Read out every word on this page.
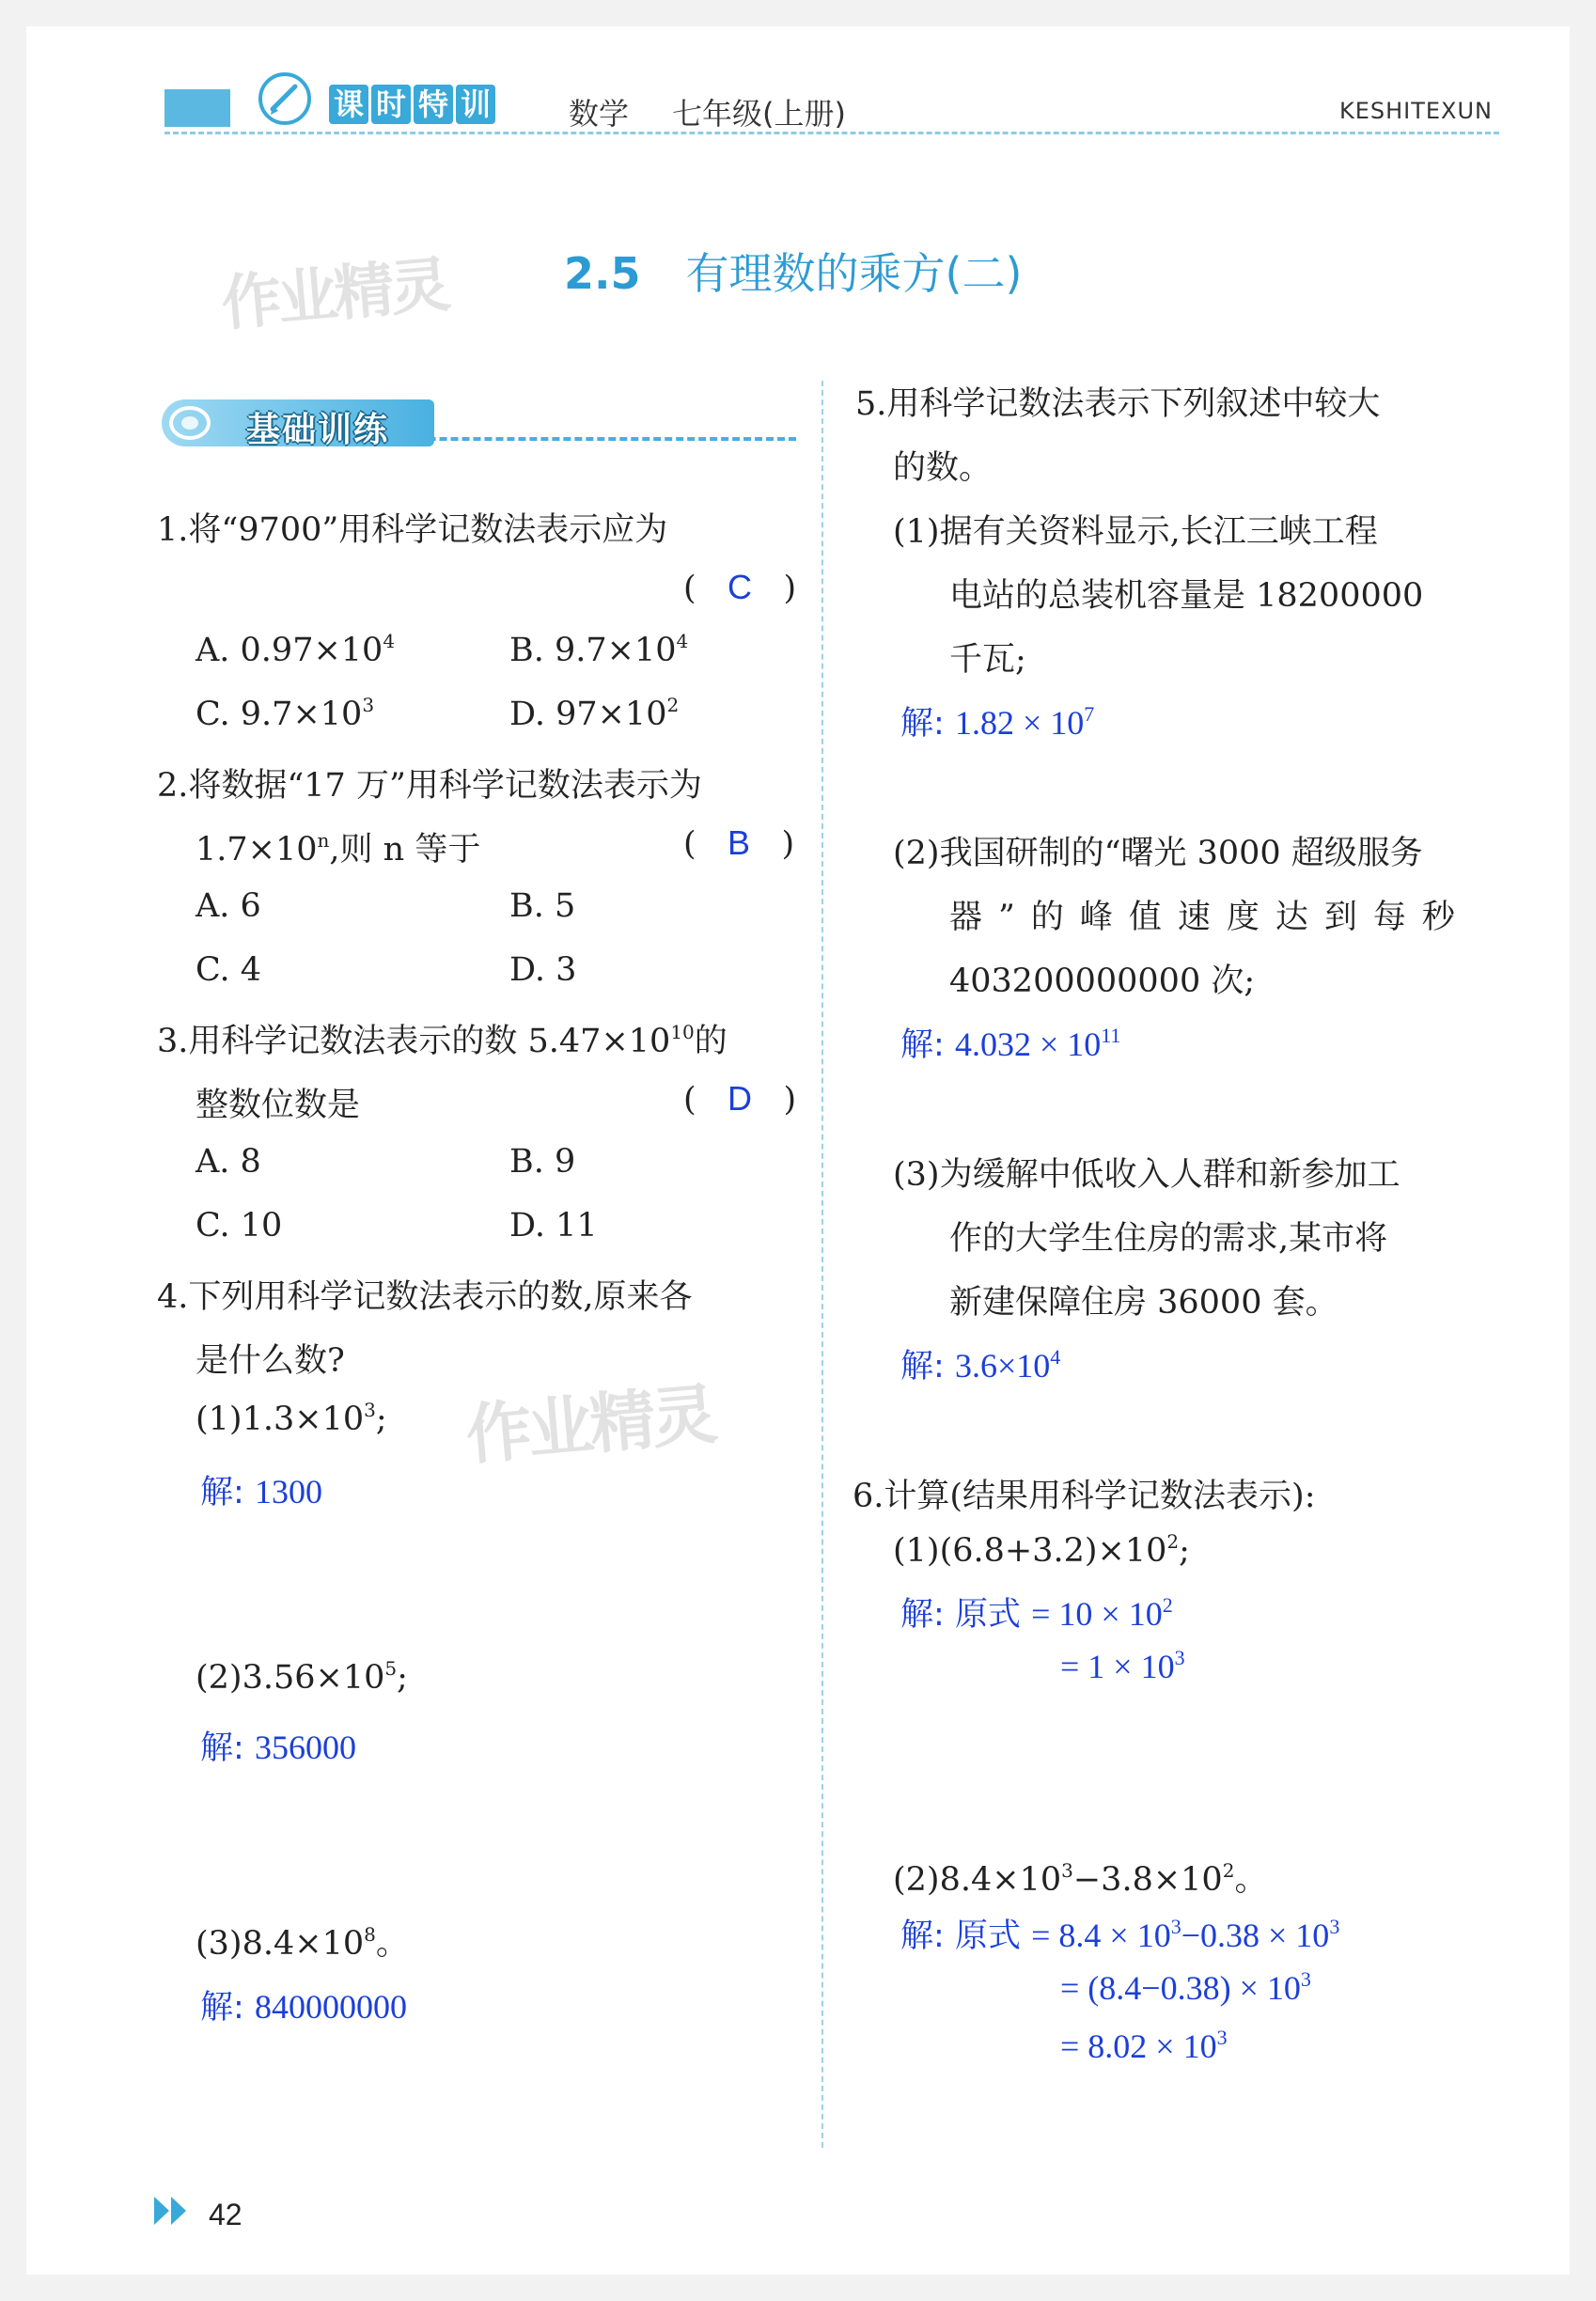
课 时 特 训	数学 七年级(上册)	KESHITEXUN
作业精灵
作业精灵
2.5 有理数的乘方(二)
基础训练
1.将“9700”用科学记数法表示应为
( C )
A. $0.97\times 10^4$	B. $9.7\times 10^4$
C. $9.7\times 10^3$	D. $97\times 10^2$
2.将数据“17 万”用科学记数法表示为
$1.7\times 10^n$,则 n 等于	( B )
A. 6	B. 5
C. 4	D. 3
3.用科学记数法表示的数 $5.47\times 10^{10}$的
整数位数是	( D )
A. 8	B. 9
C. 10	D. 11
4.下列用科学记数法表示的数,原来各
是什么数?
$(1)1.3\times 10^3$;
解: 1300
$(2)3.56\times 10^5$;
解: 356000
$(3)8.4\times 10^8$。
解: 840000000
5.用科学记数法表示下列叙述中较大
的数。
(1)据有关资料显示,长江三峡工程
电站的总装机容量是 18200000
千瓦;
解: $1.82 \times 10^7$
(2)我国研制的“曙光 3000 超级服务
器”的峰值速度达到每秒
403200000000 次;
解: $4.032 \times 10^{11}$
(3)为缓解中低收入人群和新参加工
作的大学生住房的需求,某市将
新建保障住房 36000 套。
解: $3.6\times 10^4$
6.计算(结果用科学记数法表示):
$(1)(6.8+3.2)\times 10^2$;
解: 原式 = $10 \times 10^2$
= $1 \times 10^3$
$(2)8.4\times 10^3-3.8\times 10^2$。
解: 原式 = $8.4 \times 10^3-0.38 \times 10^3$
= $(8.4-0.38) \times 10^3$
= $8.02 \times 10^3$
42
